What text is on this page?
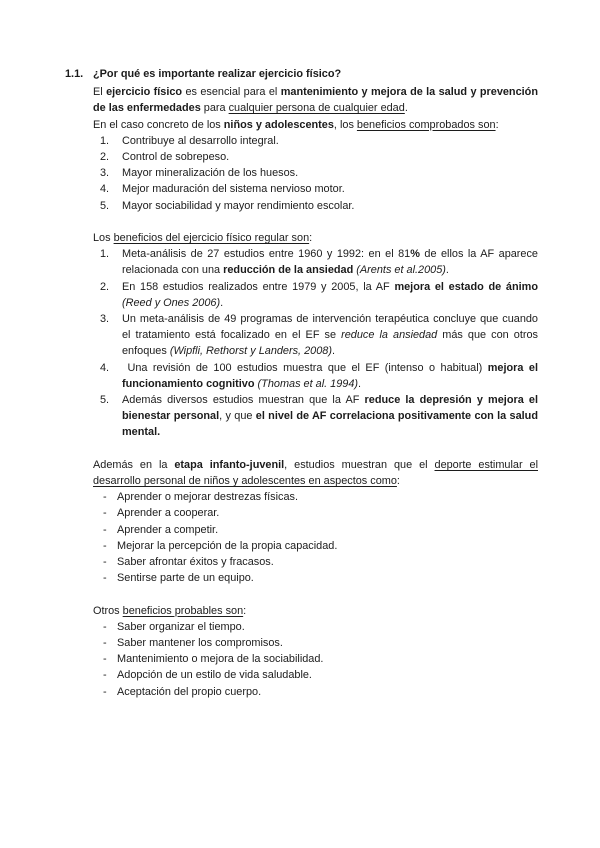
1.1. ¿Por qué es importante realizar ejercicio físico?
El ejercicio físico es esencial para el mantenimiento y mejora de la salud y prevención de las enfermedades para cualquier persona de cualquier edad.
En el caso concreto de los niños y adolescentes, los beneficios comprobados son:
1.	Contribuye al desarrollo integral.
2.	Control de sobrepeso.
3.	Mayor mineralización de los huesos.
4.	Mejor maduración del sistema nervioso motor.
5.	Mayor sociabilidad y mayor rendimiento escolar.
Los beneficios del ejercicio físico regular son:
1.	Meta-análisis de 27 estudios entre 1960 y 1992: en el 81% de ellos la AF aparece relacionada con una reducción de la ansiedad (Arents et al.2005).
2.	En 158 estudios realizados entre 1979 y 2005, la AF mejora el estado de ánimo (Reed y Ones 2006).
3.	Un meta-análisis de 49 programas de intervención terapéutica concluye que cuando el tratamiento está focalizado en el EF se reduce la ansiedad más que con otros enfoques (Wipfli, Rethorst y Landers, 2008).
4.	Una revisión de 100 estudios muestra que el EF (intenso o habitual) mejora el funcionamiento cognitivo (Thomas et al. 1994).
5.	Además diversos estudios muestran que la AF reduce la depresión y mejora el bienestar personal, y que el nivel de AF correlaciona positivamente con la salud mental.
Además en la etapa infanto-juvenil, estudios muestran que el deporte estimular el desarrollo personal de niños y adolescentes en aspectos como:
- Aprender o mejorar destrezas físicas.
- Aprender a cooperar.
- Aprender a competir.
- Mejorar la percepción de la propia capacidad.
- Saber afrontar éxitos y fracasos.
- Sentirse parte de un equipo.
Otros beneficios probables son:
- Saber organizar el tiempo.
- Saber mantener los compromisos.
- Mantenimiento o mejora de la sociabilidad.
- Adopción de un estilo de vida saludable.
- Aceptación del propio cuerpo.
